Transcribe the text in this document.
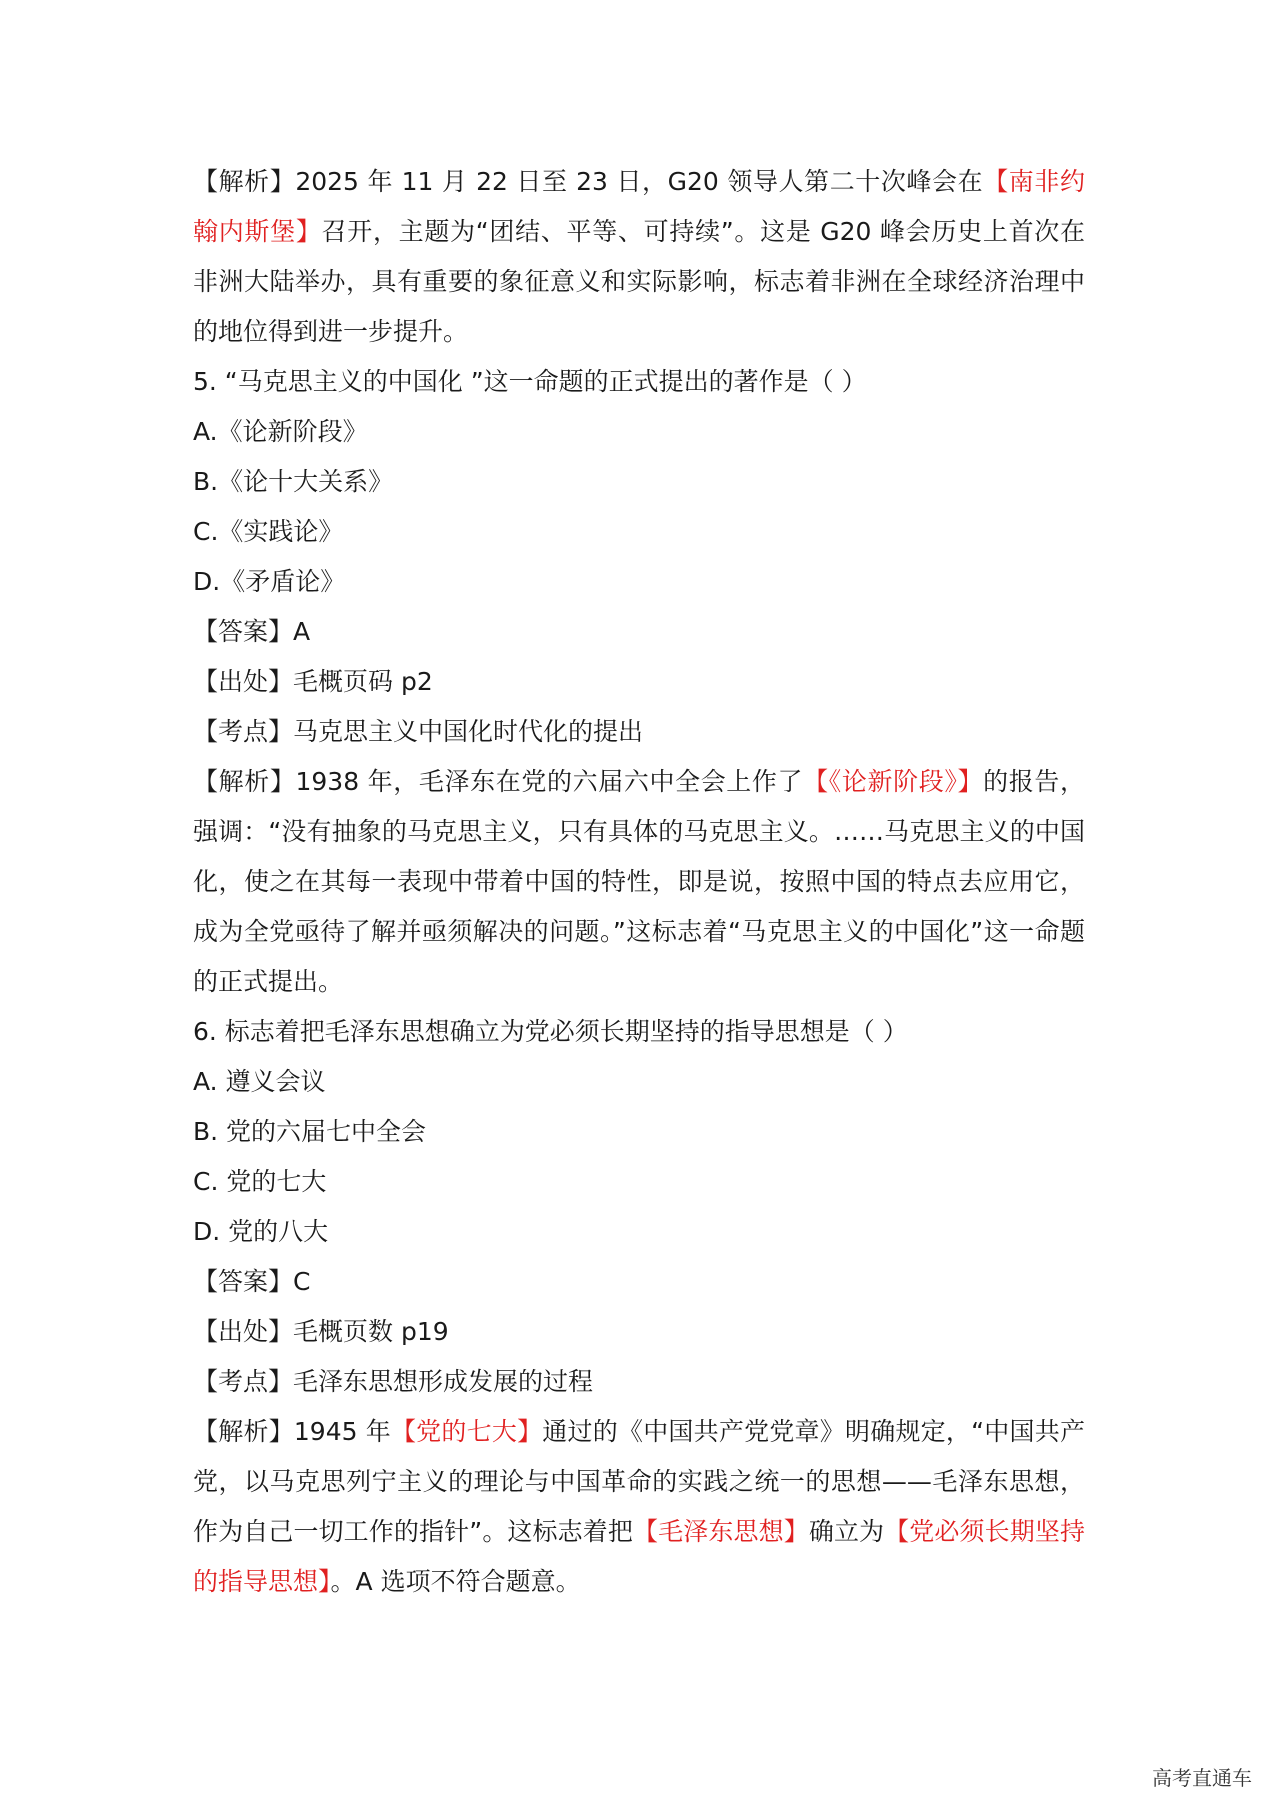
【解析】2025 年 11 月 22 日至 23 日，G20 领导人第二十次峰会在【南非约翰内斯堡】召开，主题为“团结、平等、可持续”。这是 G20 峰会历史上首次在非洲大陆举办，具有重要的象征意义和实际影响，标志着非洲在全球经济治理中的地位得到进一步提升。

5. “马克思主义的中国化 ”这一命题的正式提出的著作是（ ）

A.《论新阶段》

B.《论十大关系》

C.《实践论》

D.《矛盾论》

【答案】A

【出处】毛概页码 p2

【考点】马克思主义中国化时代化的提出

【解析】1938 年，毛泽东在党的六届六中全会上作了【《论新阶段》】的报告，强调：“没有抽象的马克思主义，只有具体的马克思主义。……马克思主义的中国化，使之在其每一表现中带着中国的特性，即是说，按照中国的特点去应用它，成为全党亟待了解并亟须解决的问题。”这标志着“马克思主义的中国化”这一命题的正式提出。

6. 标志着把毛泽东思想确立为党必须长期坚持的指导思想是（ ）

A. 遵义会议

B. 党的六届七中全会

C. 党的七大

D. 党的八大

【答案】C

【出处】毛概页数 p19

【考点】毛泽东思想形成发展的过程

【解析】1945 年【党的七大】通过的《中国共产党党章》明确规定，“中国共产党，以马克思列宁主义的理论与中国革命的实践之统一的思想——毛泽东思想，作为自己一切工作的指针”。这标志着把【毛泽东思想】确立为【党必须长期坚持的指导思想】。A 选项不符合题意。

高考直通车
